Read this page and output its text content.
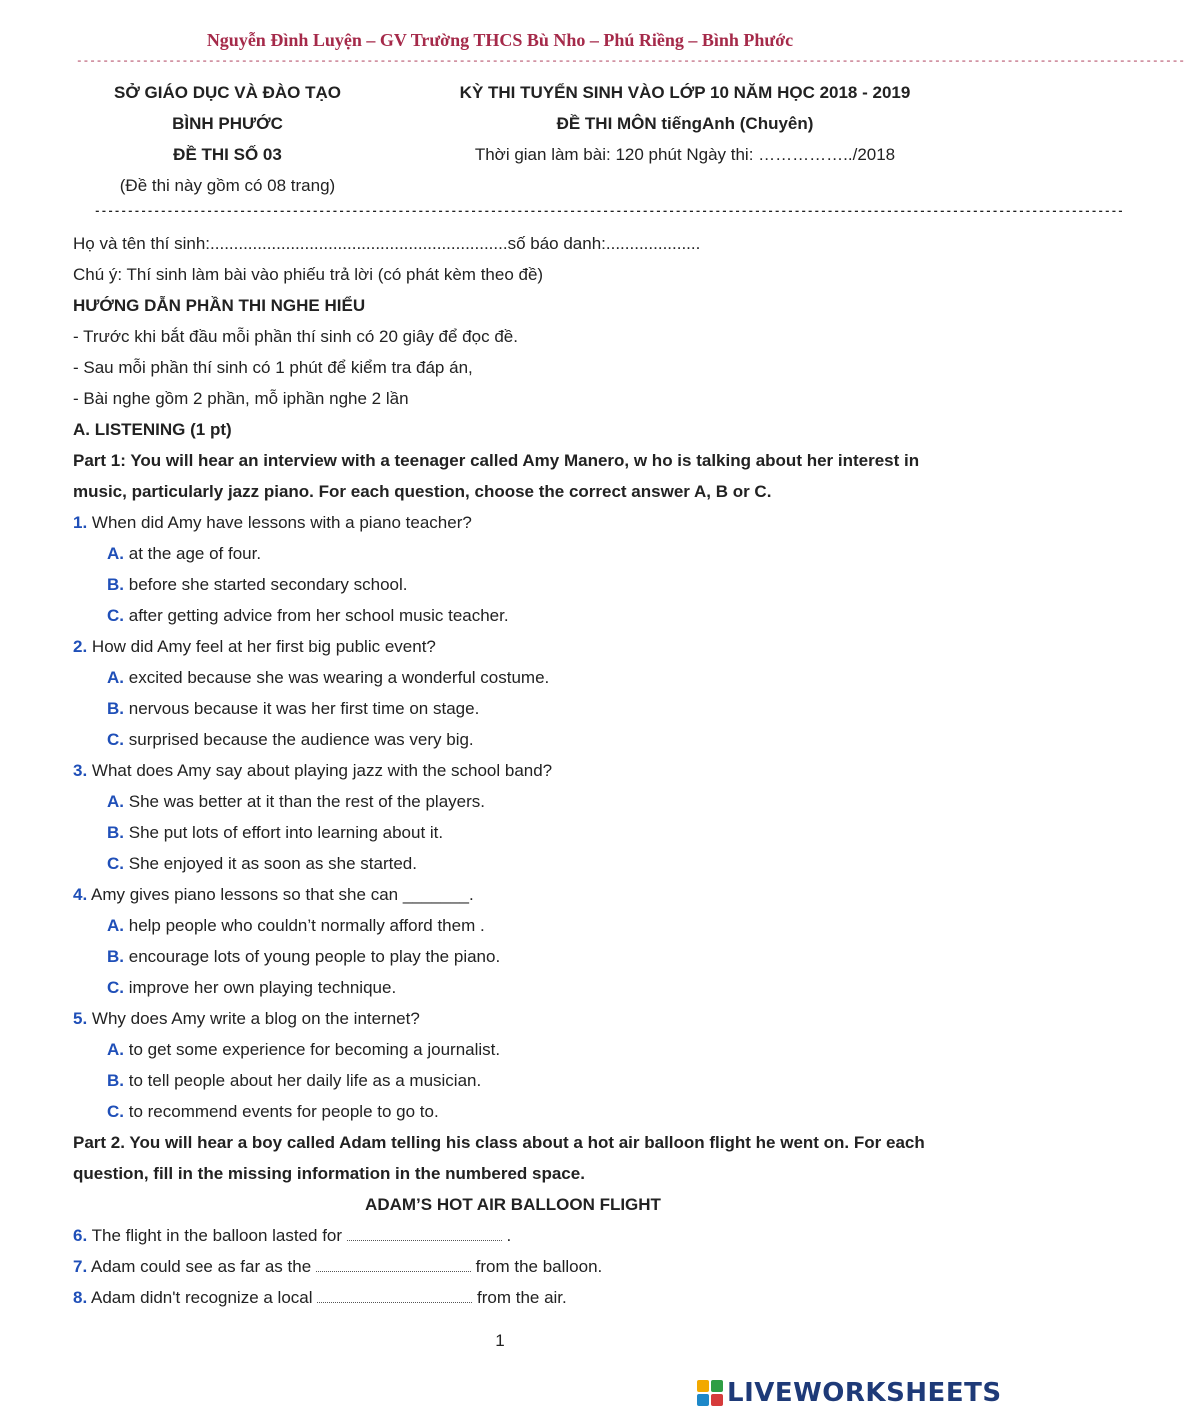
Nguyễn Đình Luyện – GV Trường THCS Bù Nho – Phú Riềng – Bình Phước
------------------------------------------------------------------------------------------------------------------------------------------------------------------------
SỞ GIÁO DỤC VÀ ĐÀO TẠO
BÌNH PHƯỚC
ĐỀ THI SỐ 03
(Đề thi này gồm có 08 trang)
KỲ THI TUYỂN SINH VÀO LỚP 10 NĂM HỌC 2018 - 2019
ĐỀ THI MÔN tiếngAnh (Chuyên)
Thời gian làm bài: 120 phút Ngày thi: ……………../2018
------------------------------------------------------------------------------------------------------------------------------------------------------------
Họ và tên thí sinh:...............................................................số báo danh:....................
Chú ý: Thí sinh làm bài vào phiếu trả lời (có phát kèm theo đề)
HƯỚNG DẪN PHẦN THI NGHE HIỂU
- Trước khi bắt đầu mỗi phần thí sinh có 20 giây để đọc đề.
- Sau mỗi phần thí sinh có 1 phút để kiểm tra đáp án,
- Bài nghe gồm 2 phần, mỗ iphần nghe 2 lần
A. LISTENING (1 pt)
Part 1: You will hear an interview with a teenager called Amy Manero, w ho is talking about her interest in music, particularly jazz piano. For each question, choose the correct answer A, B or C.
1. When did Amy have lessons with a piano teacher?
A. at the age of four.
B. before she started secondary school.
C. after getting advice from her school music teacher.
2. How did Amy feel at her first big public event?
A. excited because she was wearing a wonderful costume.
B. nervous because it was her first time on stage.
C. surprised because the audience was very big.
3. What does Amy say about playing jazz with the school band?
A. She was better at it than the rest of the players.
B. She put lots of effort into learning about it.
C. She enjoyed it as soon as she started.
4. Amy gives piano lessons so that she can _______.
A. help people who couldn’t normally afford them .
B. encourage lots of young people to play the piano.
C. improve her own playing technique.
5. Why does Amy write a blog on the internet?
A. to get some experience for becoming a journalist.
B. to tell people about her daily life as a musician.
C. to recommend events for people to go to.
Part 2. You will hear a boy called Adam telling his class about a hot air balloon flight he went on. For each question, fill in the missing information in the numbered space.
ADAM’S HOT AIR BALLOON FLIGHT
6. The flight in the balloon lasted for	.
7. Adam could see as far as the	from the balloon.
8. Adam didn't recognize a local	from the air.
1
LIVEWORKSHEETS
